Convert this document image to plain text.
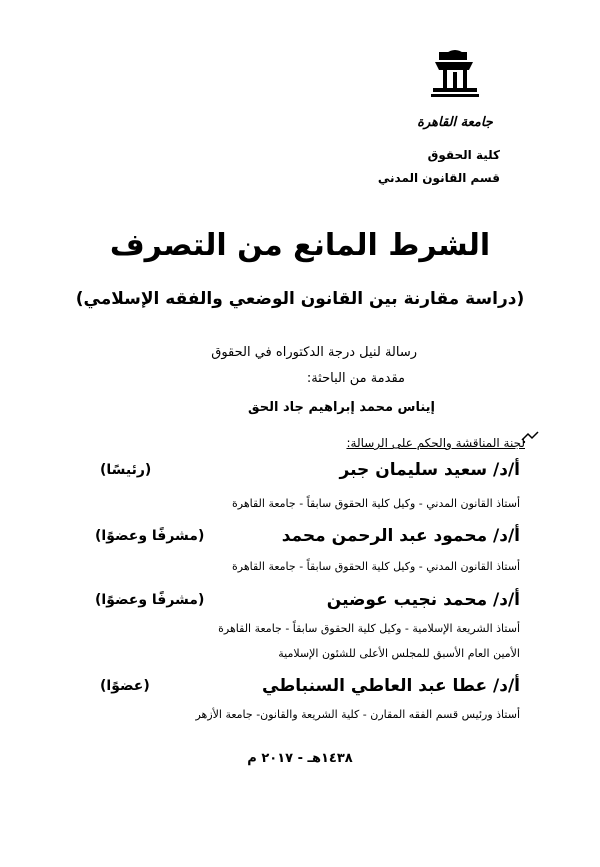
جامعة القاهرة
كلية الحقوق
قسم القانون المدني
الشرط المانع من التصرف
(دراسة مقارنة بين القانون الوضعي والفقه الإسلامي)
رسالة لنيل درجة الدكتوراه في الحقوق
مقدمة من الباحثة:
إيناس محمد إبراهيم جاد الحق
لجنة المناقشة والحكم على الرسالة:
أ/د/ سعيد سليمان جبر
(رئيسًا)
أستاذ القانون المدني - وكيل كلية الحقوق سابقاً - جامعة القاهرة
أ/د/ محمود عبد الرحمن محمد
(مشرفًا وعضوًا)
أستاذ القانون المدني - وكيل كلية الحقوق سابقاً - جامعة القاهرة
أ/د/ محمد نجيب عوضين
(مشرفًا وعضوًا)
أستاذ الشريعة الإسلامية - وكيل كلية الحقوق سابقاً - جامعة القاهرة
الأمين العام الأسبق للمجلس الأعلى للشئون الإسلامية
أ/د/ عطا عبد العاطي السنباطي
(عضوًا)
أستاذ ورئيس قسم الفقه المقارن - كلية الشريعة والقانون- جامعة الأزهر
١٤٣٨هـ - ٢٠١٧ م
